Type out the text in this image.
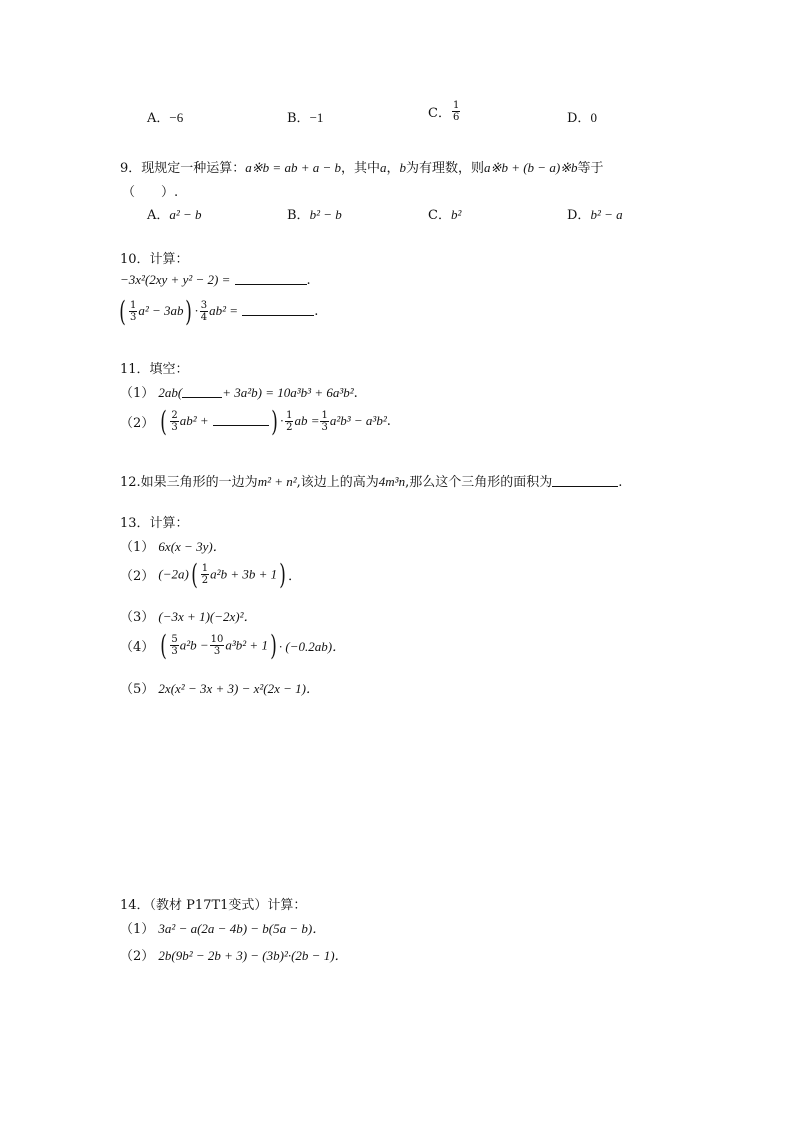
A．−6	B．−1	C． $\frac{1}{6}$	D．0
9．现规定一种运算：a※b = ab + a − b，其中a，b为有理数，则a※b + (b − a)※b等于
（　　）.
A．a² − b	B．b² − b	C．b²	D．b² − a
10．计算：
−3x²(2xy + y² − 2) =	.
( $\frac{1}{3} a^2 - 3ab) \cdot \frac{3}{4} ab^2$ =	.
11．填空：
（1） 2ab(	+ 3a²b) = 10a³b³ + 6a³b².
（2） ( $\frac{2}{3} ab^2$ + ) · $\frac{1}{2}$ ab = $\frac{1}{3} a^2b^3 - a^3b^2$.
12.如果三角形的一边为m² + n²,该边上的高为4m³n,那么这个三角形的面积为	.
13．计算：
（1） 6x(x − 3y)．
（2） $(-2a)( \frac{1}{2} a^2b + 3b + 1)$ ．
（3） (−3x + 1)(−2x)²．
（4） ( $\frac{5}{3} a^2b - \frac{10}{3} a^3b^2 + 1) \cdot (-0.2ab)$．
（5） 2x(x² − 3x + 3) − x²(2x − 1)．
14．（教材 P17T1变式）计算：
（1） 3a² − a(2a − 4b) − b(5a − b)．
（2） 2b(9b² − 2b + 3) − (3b)²·(2b − 1)．
